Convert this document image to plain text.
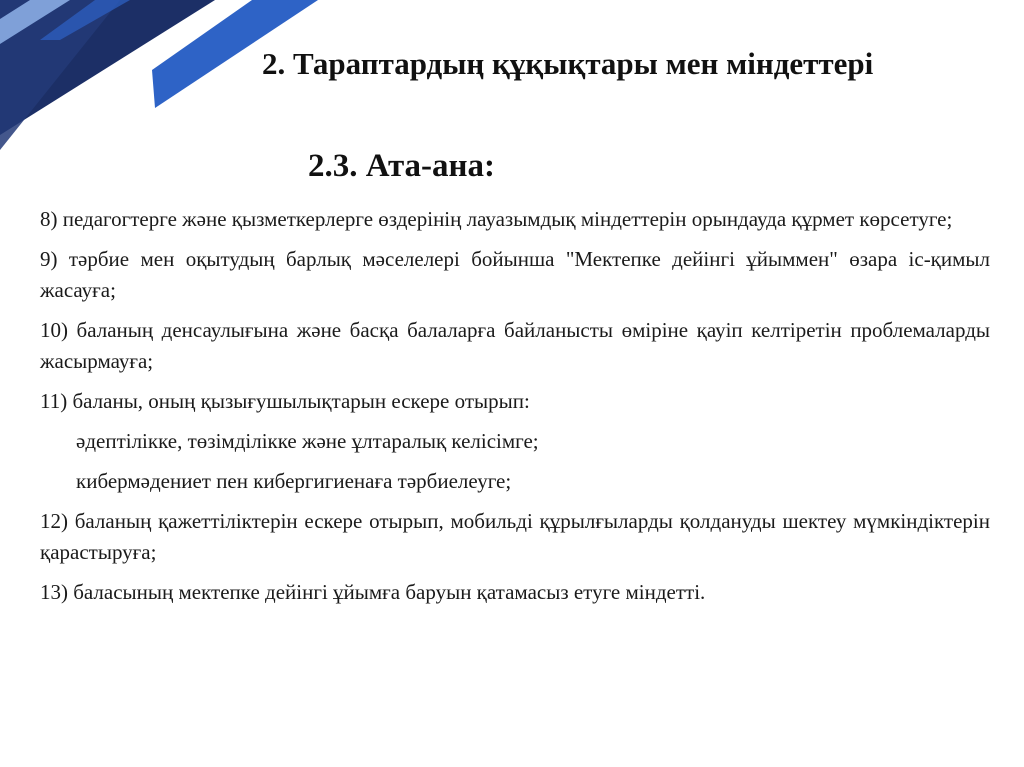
2. Тараптардың құқықтары мен міндеттері
2.3. Ата-ана:

8) педагогтерге және қызметкерлерге өздерінің лауазымдық міндеттерін орындауда құрмет көрсетуге;

9) тәрбие мен оқытудың барлық мәселелері бойынша "Мектепке дейінгі ұйыммен" өзара іс-қимыл жасауға;

10) баланың денсаулығына және басқа балаларға байланысты өміріне қауіп келтіретін проблемаларды жасырмауға;

11) баланы, оның қызығушылықтарын ескере отырып:

әдептілікке, төзімділікке және ұлтаралық келісімге;

кибермәдениет пен кибергигиенаға тәрбиелеуге;

12) баланың қажеттіліктерін ескере отырып, мобильді құрылғыларды қолдануды шектеу мүмкіндіктерін қарастыруға;

13) баласының мектепке дейінгі ұйымға баруын қатамасыз етуге міндетті.
